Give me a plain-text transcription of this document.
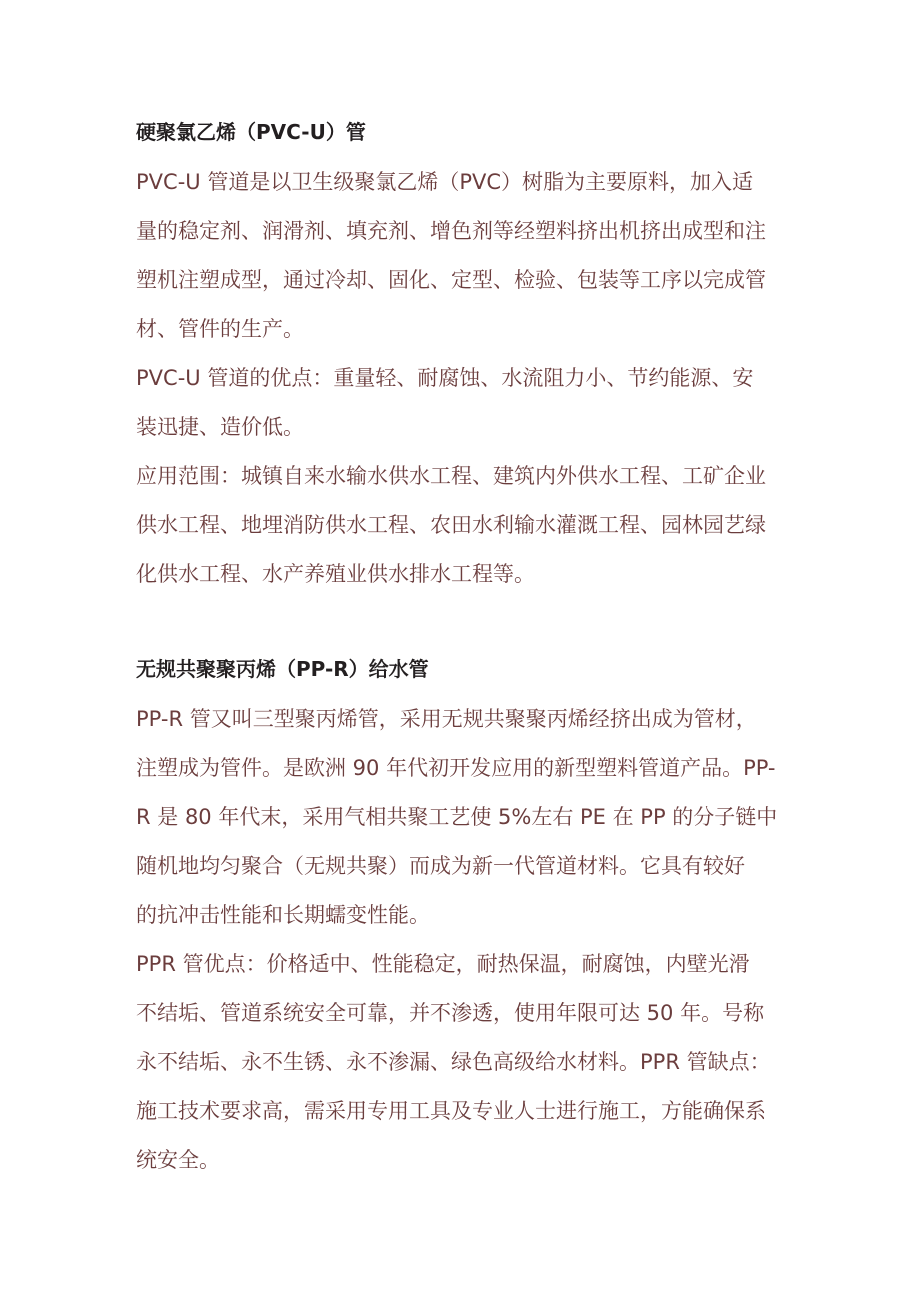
硬聚氯乙烯（PVC-U）管

PVC-U 管道是以卫生级聚氯乙烯（PVC）树脂为主要原料，加入适
量的稳定剂、润滑剂、填充剂、增色剂等经塑料挤出机挤出成型和注
塑机注塑成型，通过冷却、固化、定型、检验、包装等工序以完成管
材、管件的生产。

PVC-U 管道的优点：重量轻、耐腐蚀、水流阻力小、节约能源、安
装迅捷、造价低。

应用范围：城镇自来水输水供水工程、建筑内外供水工程、工矿企业
供水工程、地埋消防供水工程、农田水利输水灌溉工程、园林园艺绿
化供水工程、水产养殖业供水排水工程等。

无规共聚聚丙烯（PP-R）给水管

PP-R 管又叫三型聚丙烯管，采用无规共聚聚丙烯经挤出成为管材，
注塑成为管件。是欧洲 90 年代初开发应用的新型塑料管道产品。PP-
R 是 80 年代末，采用气相共聚工艺使 5%左右 PE 在 PP 的分子链中
随机地均匀聚合（无规共聚）而成为新一代管道材料。它具有较好
的抗冲击性能和长期蠕变性能。

PPR 管优点：价格适中、性能稳定，耐热保温，耐腐蚀，内壁光滑
不结垢、管道系统安全可靠，并不渗透，使用年限可达 50 年。号称
永不结垢、永不生锈、永不渗漏、绿色高级给水材料。PPR 管缺点：
施工技术要求高，需采用专用工具及专业人士进行施工，方能确保系
统安全。
